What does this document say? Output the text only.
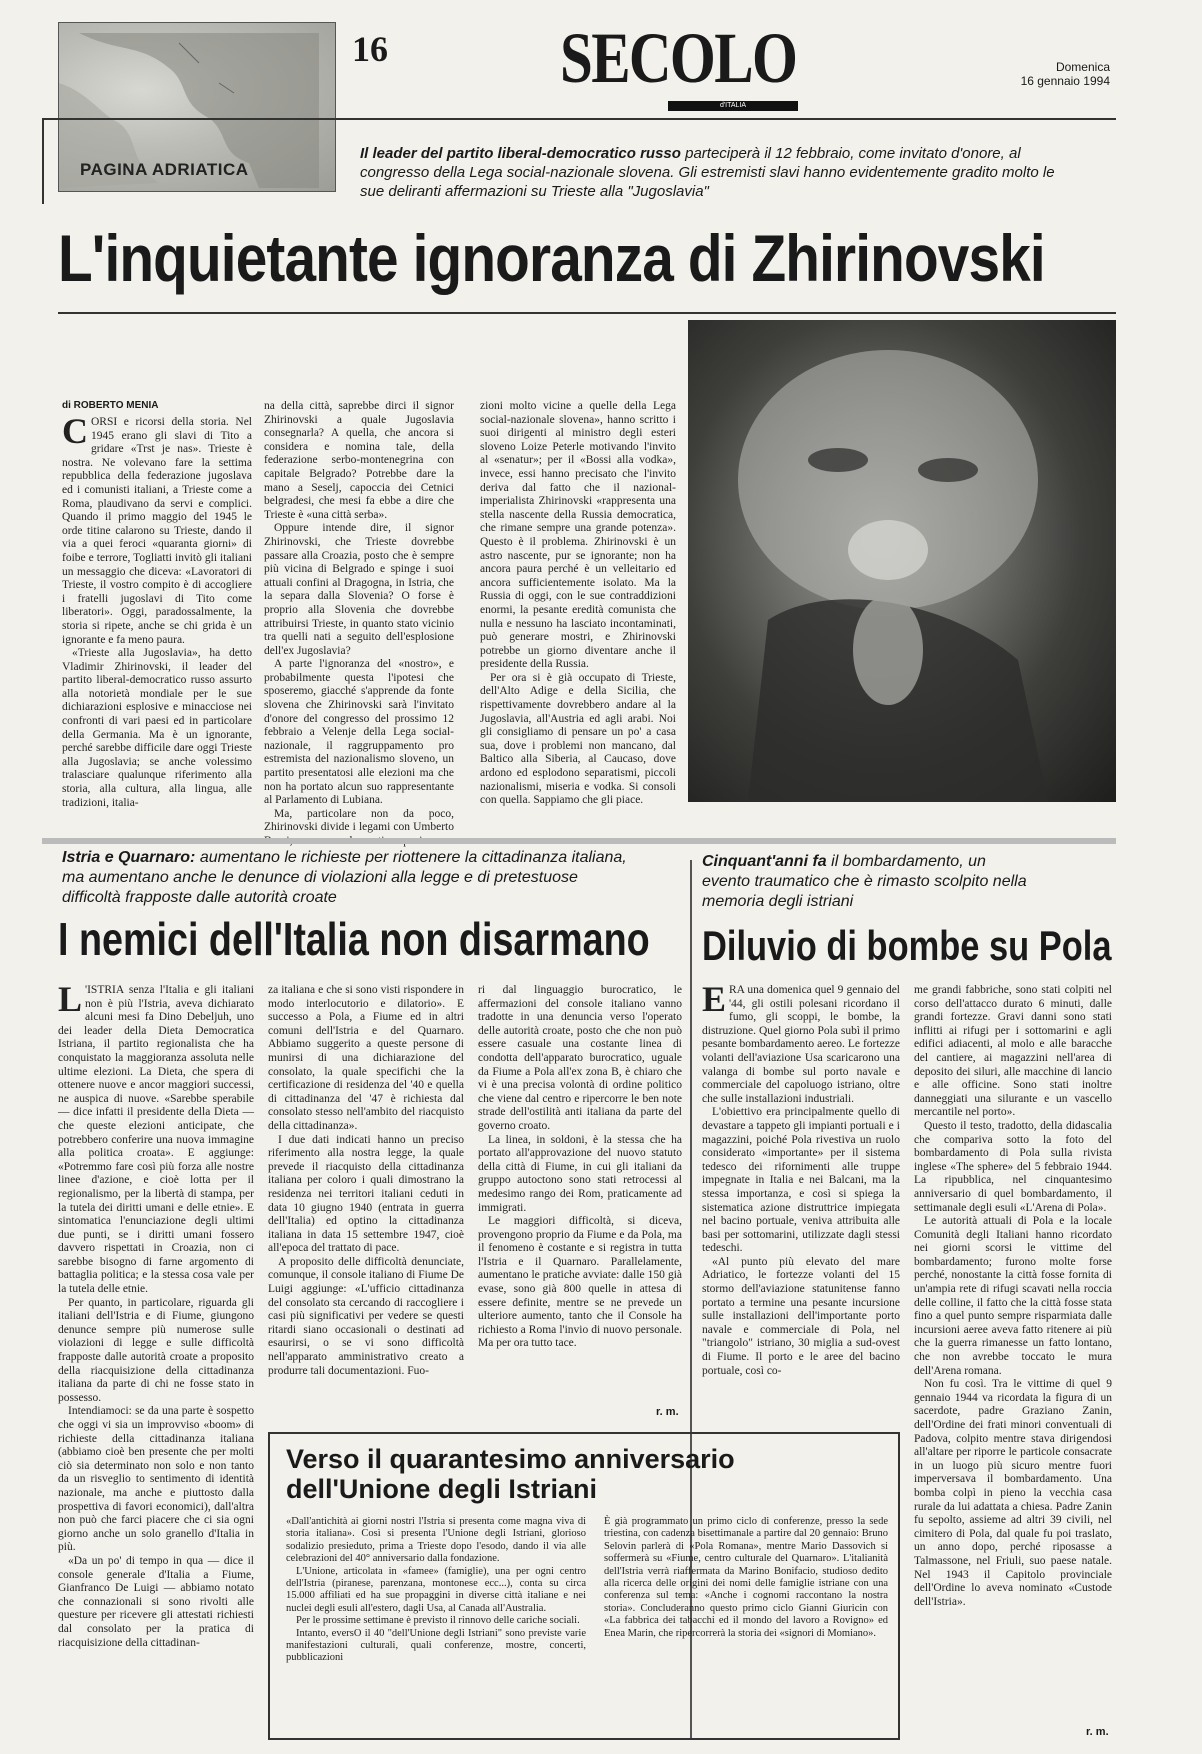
PAGINA ADRIATICA
16 SECOLO
d'ITALIA
Domenica
16 gennaio 1994
Il leader del partito liberal-democratico russo parteciperà il 12 febbraio, come invitato d'onore, al congresso della Lega social-nazionale slovena. Gli estremisti slavi hanno evidentemente gradito molto le sue deliranti affermazioni su Trieste alla "Jugoslavia"
L'inquietante ignoranza di Zhirinovski
di ROBERTO MENIA
CORSI e ricorsi della storia. Nel 1945 erano gli slavi di Tito a gridare «Trst je nas». Trieste è nostra. Ne volevano fare la settima repubblica della federazione jugoslava ed i comunisti italiani, a Trieste come a Roma, plaudivano da servi e complici. Quando il primo maggio del 1945 le orde titine calarono su Trieste, dando il via a quei feroci «quaranta giorni» di foibe e terrore, Togliatti invitò gli italiani un messaggio che diceva: «Lavoratori di Trieste, il vostro compito è di accogliere i fratelli jugoslavi di Tito come liberatori». Oggi, paradossalmente, la storia si ripete, anche se chi grida è un ignorante e fa meno paura.

«Trieste alla Jugoslavia», ha detto Vladimir Zhirinovski, il leader del partito liberal-democratico russo assurto alla notorietà mondiale per le sue dichiarazioni esplosive e minacciose nei confronti di vari paesi ed in particolare della Germania. Ma è un ignorante, perché sarebbe difficile dare oggi Trieste alla Jugoslavia; se anche volessimo tralasciare qualunque riferimento alla storia, alla cultura, alla lingua, alle tradizioni, italia-

na della città, saprebbe dirci il signor Zhirinovski a quale Jugoslavia consegnarla? A quella, che ancora si considera e nomina tale, della federazione serbo-montenegrina con capitale Belgrado? Potrebbe dare la mano a Seselj, capoccia dei Cetnici belgradesi, che mesi fa ebbe a dire che Trieste è «una città serba».

Oppure intende dire, il signor Zhirinovski, che Trieste dovrebbe passare alla Croazia, posto che è sempre più vicina di Belgrado e spinge i suoi attuali confini al Dragogna, in Istria, che la separa dalla Slovenia? O forse è proprio alla Slovenia che dovrebbe attribuirsi Trieste, in quanto stato vicinio tra quelli nati a seguito dell'esplosione dell'ex Jugoslavia?

A parte l'ignoranza del «nostro», e probabilmente questa l'ipotesi che sposeremo, giacché s'apprende da fonte slovena che Zhirinovski sarà l'invitato d'onore del congresso del prossimo 12 febbraio a Velenje della Lega social-nazionale, il raggruppamento pro estremista del nazionalismo sloveno, un partito presentatosi alle elezioni ma che non ha portato alcun suo rappresentante al Parlamento di Lubiana.

Ma, particolare non da poco, Zhirinovski divide i legami con Umberto

zioni molto vicine a quelle della Lega social-nazionale slovena», hanno scritto i suoi dirigenti al ministro degli esteri sloveno Loize Peterle motivando l'invito al «senatur»; per il «Bossi alla vodka», invece, essi hanno precisato che l'invito deriva dal fatto che il nazional-imperialista Zhirinovski «rappresenta una stella nascente della Russia democratica, che rimane sempre una grande potenza». Questo è il problema. Zhirinovski è un astro nascente, pur se ignorante; non ha ancora paura perché è un velleitario ed ancora sufficientemente isolato. Ma la Russia di oggi, con le sue contraddizioni enormi, la pesante eredità comunista che nulla e nessuno ha lasciato incontaminati, può generare mostri, e Zhirinovski potrebbe un giorno diventare anche il presidente della Russia.

Per ora si è già occupato di Trieste, dell'Alto Adige e della Sicilia, che rispettivamente dovrebbero andare al la Jugoslavia, all'Austria ed agli arabi. Noi gli consigliamo di pensare un po' a casa sua, dove i problemi non mancano, dal Baltico alla Siberia, al Caucaso, dove ardono ed esplodono separatismi, piccoli nazionalismi, miseria e vodka. Si consoli con quella. Sappiamo che gli piace.

Istria e Quarnaro: aumentano le richieste per riottenere la cittadinanza italiana, ma aumentano anche le denunce di violazioni alla legge e di pretestuose difficoltà frapposte dalle autorità croate
Cinquant'anni fa il bombardamento, un evento traumatico che è rimasto scolpito nella memoria degli istriani
I nemici dell'Italia non disarmano Diluvio di bombe su Pola
L 'ISTRIA senza l'Italia e gli italiani non è più l'Istria, aveva dichiarato alcuni mesi fa Dino Debeljuh, uno dei leader della Dieta Democratica Istriana, il partito regionalista che ha conquistato la maggioranza assoluta nelle ultime elezioni. La Dieta, che spera di ottenere nuove e ancor maggiori successi, ne auspica di nuove. «Sarebbe sperabile — dice infatti il presidente della Dieta — che queste elezioni anticipate, che potrebbero conferire una nuova immagine alla politica croata». E aggiunge: «Potremmo fare così più forza alle nostre linee d'azione, e cioè lotta per il regionalismo, per la libertà di stampa, per la tutela dei diritti umani e delle etnie». E sintomatica l'enunciazione degli ultimi due punti, se i diritti umani fossero davvero rispettati in Croazia, non ci sarebbe bisogno di farne argomento di battaglia politica; e la stessa cosa vale per la tutela delle etnie.

Per quanto, in particolare, riguarda gli italiani dell'Istria e di Fiume, giungono denunce sempre più numerose sulle violazioni di legge e sulle difficoltà frapposte dalle autorità croate a proposito della riacquisizione della cittadinanza italiana da parte di chi ne fosse stato in possesso.

Intendiamoci: se da una parte è sospetto che oggi vi sia un improvviso «boom» di richieste della cittadinanza italiana (abbiamo cioè ben presente che per molti ciò sia determinato non solo e non tanto da un risveglio to sentimento di identità nazionale, ma anche e piuttosto dalla prospettiva di favori economici), dall'altra non può che farci piacere che ci sia ogni giorno anche un solo granello d'Italia in più.

«Da un po' di tempo in qua — dice il console generale d'Italia a Fiume, Gianfranco De Luigi — abbiamo notato che connazionali si sono rivolti alle questure per ricevere gli attestati richiesti dal consolato per la pratica di riacquisizione della cittadinan-

za italiana e che si sono visti rispondere in modo interlocutorio e dilatorio». E successo a Pola, a Fiume ed in altri comuni dell'Istria e del Quarnaro. Abbiamo suggerito a queste persone di munirsi di una dichiarazione del consolato, la quale specifichi che la certificazione di residenza del '40 e quella di cittadinanza del '47 è richiesta dal consolato stesso nell'ambito del riacquisto della cittadinanza».

I due dati indicati hanno un preciso riferimento alla nostra legge, la quale prevede il riacquisto della cittadinanza italiana per coloro i quali dimostrano la residenza nei territori italiani ceduti in data 10 giugno 1940 (entrata in guerra dell'Italia) ed optino la cittadinanza italiana in data 15 settembre 1947, cioè all'epoca del trattato di pace.

A proposito delle difficoltà denunciate, comunque, il console italiano di Fiume De Luigi aggiunge: «L'ufficio cittadinanza del consolato sta cercando di raccogliere i casi più significativi per vedere se questi ritardi siano occasionali o destinati ad esaurirsi, o se vi sono difficoltà nell'apparato amministrativo creato a produrre tali documentazioni. Fuo-

ri dal linguaggio burocratico, le affermazioni del console italiano vanno tradotte in una denuncia verso l'operato delle autorità croate, posto che che non può essere casuale una costante linea di condotta dell'apparato burocratico, uguale da Fiume a Pola all'ex zona B, è chiaro che vi è una precisa volontà di ordine politico che viene dal centro e ripercorre le ben note strade dell'ostilità anti italiana da parte del governo croato.

La linea, in soldoni, è la stessa che ha portato all'approvazione del nuovo statuto della città di Fiume, in cui gli italiani da gruppo autoctono sono stati retrocessi al medesimo rango dei Rom, praticamente ad immigrati.

Le maggiori difficoltà, si diceva, provengono proprio da Fiume e da Pola, ma il fenomeno è costante e si registra in tutta l'Istria e il Quarnaro. Parallelamente, aumentano le pratiche avviate: dalle 150 già evase, sono già 800 quelle in attesa di essere definite, mentre se ne prevede un ulteriore aumento, tanto che il Console ha richiesto a Roma l'invio di nuovo personale. Ma per ora tutto tace.

r. m.
ERA una domenica quel 9 gennaio del '44, gli ostili polesani ricordano il fumo, gli scoppi, le bombe, la distruzione. Quel giorno Pola subì il primo pesante bombardamento aereo. Le fortezze volanti dell'aviazione Usa scaricarono una valanga di bombe sul porto navale e commerciale del capoluogo istriano, oltre che sulle installazioni industriali.

L'obiettivo era principalmente quello di devastare a tappeto gli impianti portuali e i magazzini, poiché Pola rivestiva un ruolo considerato «importante» per il sistema tedesco dei rifornimenti alle truppe impegnate in Italia e nei Balcani, ma la stessa importanza, e così si spiega la sistematica azione distruttrice impiegata nel bacino portuale, veniva attribuita alle basi per sottomarini, utilizzate dagli stessi tedeschi.

«Al punto più elevato del mare Adriatico, le fortezze volanti del 15 stormo dell'aviazione statunitense fanno portato a termine una pesante incursione sulle installazioni dell'importante porto navale e commerciale di Pola, nel "triangolo" istriano, 30 miglia a sud-ovest di Fiume. Il porto e le aree del bacino portuale, così co-

me grandi fabbriche, sono stati colpiti nel corso dell'attacco durato 6 minuti, dalle grandi fortezze. Gravi danni sono stati inflitti ai rifugi per i sottomarini e agli edifici adiacenti, al molo e alle baracche del cantiere, ai magazzini nell'area di deposito dei siluri, alle macchine di lancio e alle officine. Sono stati inoltre danneggiati una silurante e un vascello mercantile nel porto».

Questo il testo, tradotto, della didascalia che compariva sotto la foto del bombardamento di Pola sulla rivista inglese «The sphere» del 5 febbraio 1944. La ripubblica, nel cinquantesimo anniversario di quel bombardamento, il settimanale degli esuli «L'Arena di Pola».

Le autorità attuali di Pola e la locale Comunità degli Italiani hanno ricordato nei giorni scorsi le vittime del bombardamento; furono molte forse perché, nonostante la città fosse fornita di un'ampia rete di rifugi scavati nella roccia delle colline, il fatto che la città fosse stata fino a quel punto sempre risparmiata dalle incursioni aeree aveva fatto ritenere ai più che la guerra rimanesse un fatto lontano, che non avrebbe toccato le mura dell'Arena romana.

Non fu così. Tra le vittime di quel 9 gennaio 1944 va ricordata la figura di un sacerdote, padre Graziano Zanin, dell'Ordine dei frati minori conventuali di Padova, colpito mentre stava dirigendosi all'altare per riporre le particole consacrate in un luogo più sicuro mentre fuori imperversava il bombardamento. Una bomba colpì in pieno la vecchia casa rurale da lui adattata a chiesa. Padre Zanin fu sepolto, assieme ad altri 39 civili, nel cimitero di Pola, dal quale fu poi traslato, un anno dopo, perché riposasse a Talmassone, nel Friuli, suo paese natale. Nel 1943 il Capitolo provinciale dell'Ordine lo aveva nominato «Custode dell'Istria».

r. m.
Verso il quarantesimo anniversario
dell'Unione degli Istriani

«Dall'antichità ai giorni nostri l'Istria si presenta come magna viva di storia italiana». Così si presenta l'Unione degli Istriani, glorioso sodalizio presieduto, prima a Trieste dopo l'esodo, dando il via alle celebrazioni del 40° anniversario dalla fondazione.

L'Unione, articolata in «famee» (famiglie), una per ogni centro dell'Istria (piranese, parenzana, montonese ecc...), conta su circa 15.000 affiliati ed ha sue propaggini in diverse città italiane e nei nuclei degli esuli all'estero, dagli Usa, al Canada all'Australia.

Per le prossime settimane è previsto il rinnovo delle cariche sociali.

Intanto, eversO il 40 "dell'Unione degli Istriani" sono previste varie manifestazioni culturali, quali conferenze, mostre, concerti, pubblicazioni

È già programmato un primo ciclo di conferenze, presso la sede triestina, con cadenza bisettimanale a partire dal 20 gennaio: Bruno Selovin parlerà di «Pola Romana», mentre Mario Dassovich si soffermerà su «Fiume, centro culturale del Quarnaro». L'italianità dell'Istria verrà riaffermata da Marino Bonifacio, studioso dedito alla ricerca delle origini dei nomi delle famiglie istriane con una conferenza sul tema: «Anche i cognomi raccontano la nostra storia». Concluderanno questo primo ciclo Gianni Giuricin con «La fabbrica dei tabacchi ed il mondo del lavoro a Rovigno» ed Enea Marin, che ripercorrerà la storia dei «signori di Momiano».
